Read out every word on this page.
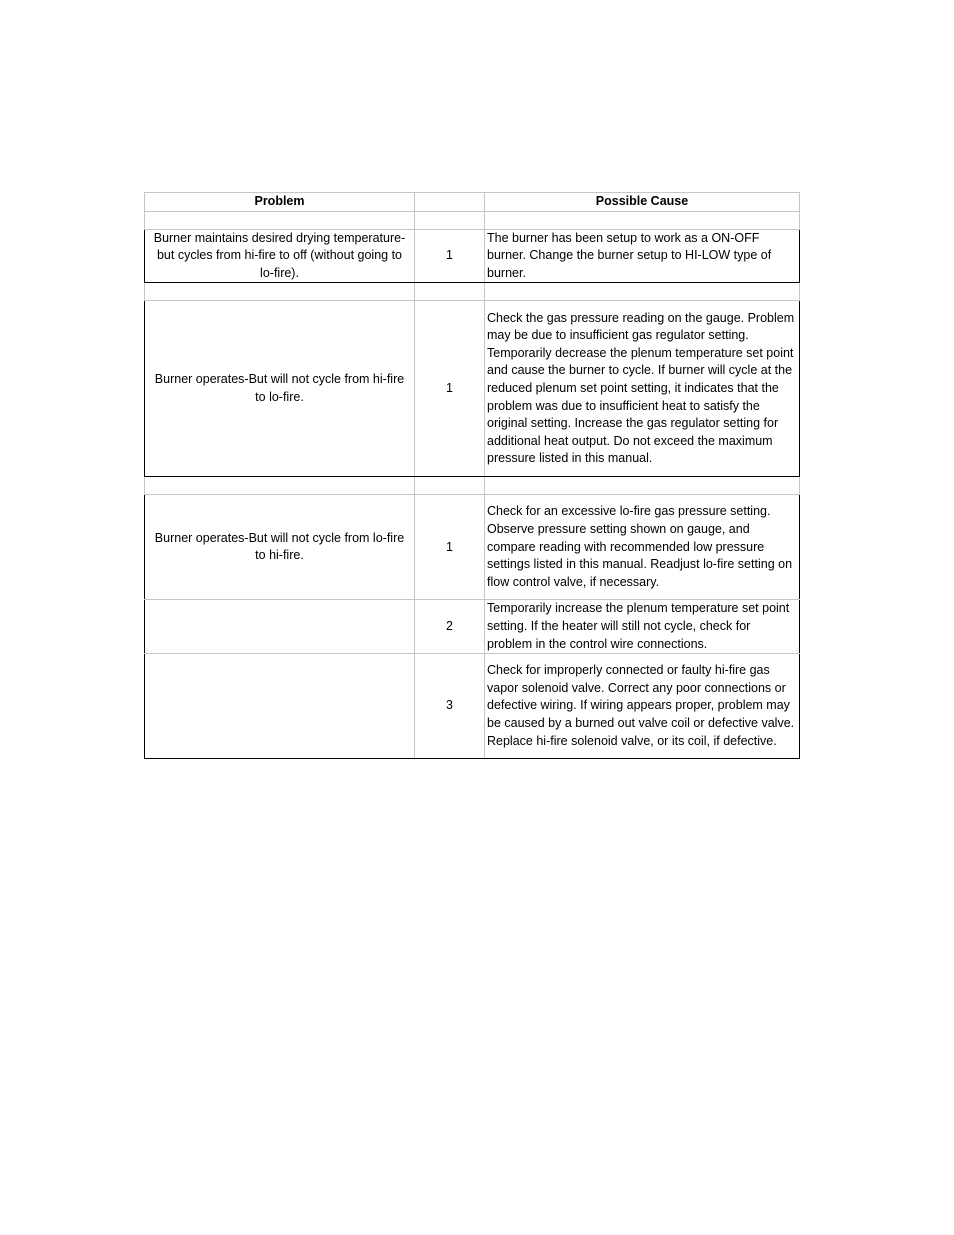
Problem		Possible Cause

Burner maintains desired drying temperature-but cycles from hi-fire to off (without going to lo-fire).	1	The burner has been setup to work as a ON-OFF burner. Change the burner setup to HI-LOW type of burner.

Burner operates-But will not cycle from hi-fire to lo-fire.	1	Check the gas pressure reading on the gauge. Problem may be due to insufficient gas regulator setting. Temporarily decrease the plenum temperature set point and cause the burner to cycle. If burner will cycle at the reduced plenum set point setting, it indicates that the problem was due to insufficient heat to satisfy the original setting. Increase the gas regulator setting for additional heat output. Do not exceed the maximum pressure listed in this manual.

Burner operates-But will not cycle from lo-fire to hi-fire.	1	Check for an excessive lo-fire gas pressure setting. Observe pressure setting shown on gauge, and compare reading with recommended low pressure settings listed in this manual. Readjust lo-fire setting on flow control valve, if necessary.
	2	Temporarily increase the plenum temperature set point setting. If the heater will still not cycle, check for problem in the control wire connections.
	3	Check for improperly connected or faulty hi-fire gas vapor solenoid valve. Correct any poor connections or defective wiring. If wiring appears proper, problem may be caused by a burned out valve coil or defective valve. Replace hi-fire solenoid valve, or its coil, if defective.
